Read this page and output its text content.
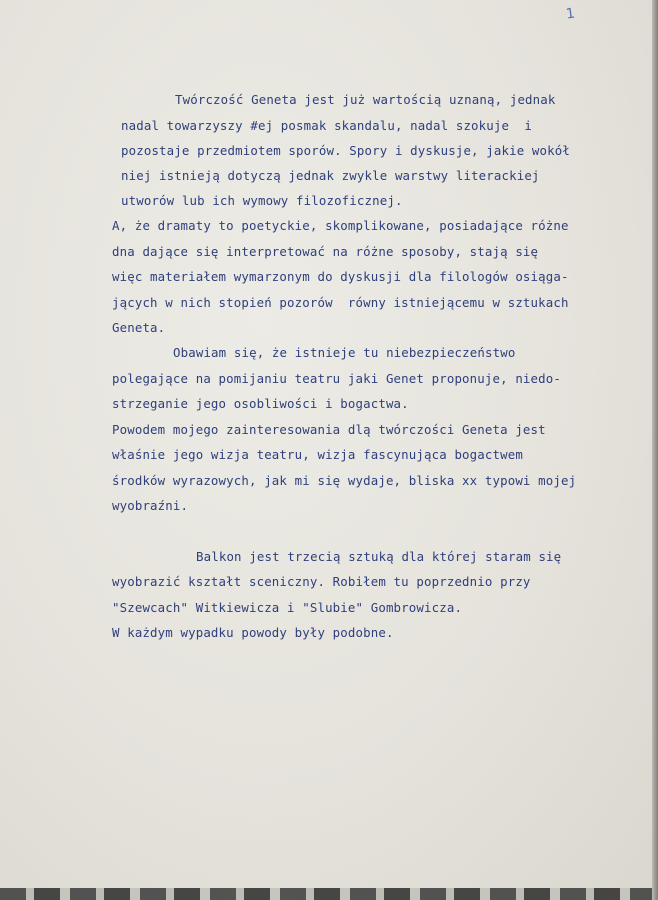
1
Twórczość Geneta jest już wartością uznaną, jednak
nadal towarzyszy #ej posmak skandalu, nadal szokuje  i
pozostaje przedmiotem sporów. Spory i dyskusje, jakie wokół
niej istnieją dotyczą jednak zwykle warstwy literackiej
utworów lub ich wymowy filozoficznej.
A, że dramaty to poetyckie, skomplikowane, posiadające różne
dna dające się interpretować na różne sposoby, stają się
więc materiałem wymarzonym do dyskusji dla filologów osiąga-
jących w nich stopień pozorów  równy istniejącemu w sztukach
Geneta.
Obawiam się, że istnieje tu niebezpieczeństwo
polegające na pomijaniu teatru jaki Genet proponuje, niedo-
strzeganie jego osobliwości i bogactwa.
Powodem mojego zainteresowania dlą twórczości Geneta jest
właśnie jego wizja teatru, wizja fascynująca bogactwem
środków wyrazowych, jak mi się wydaje, bliska xx typowi mojej
wyobraźni.
Balkon jest trzecią sztuką dla której staram się
wyobrazić kształt sceniczny. Robiłem tu poprzednio przy
"Szewcach" Witkiewicza i "Slubie" Gombrowicza.
W każdym wypadku powody były podobne.
